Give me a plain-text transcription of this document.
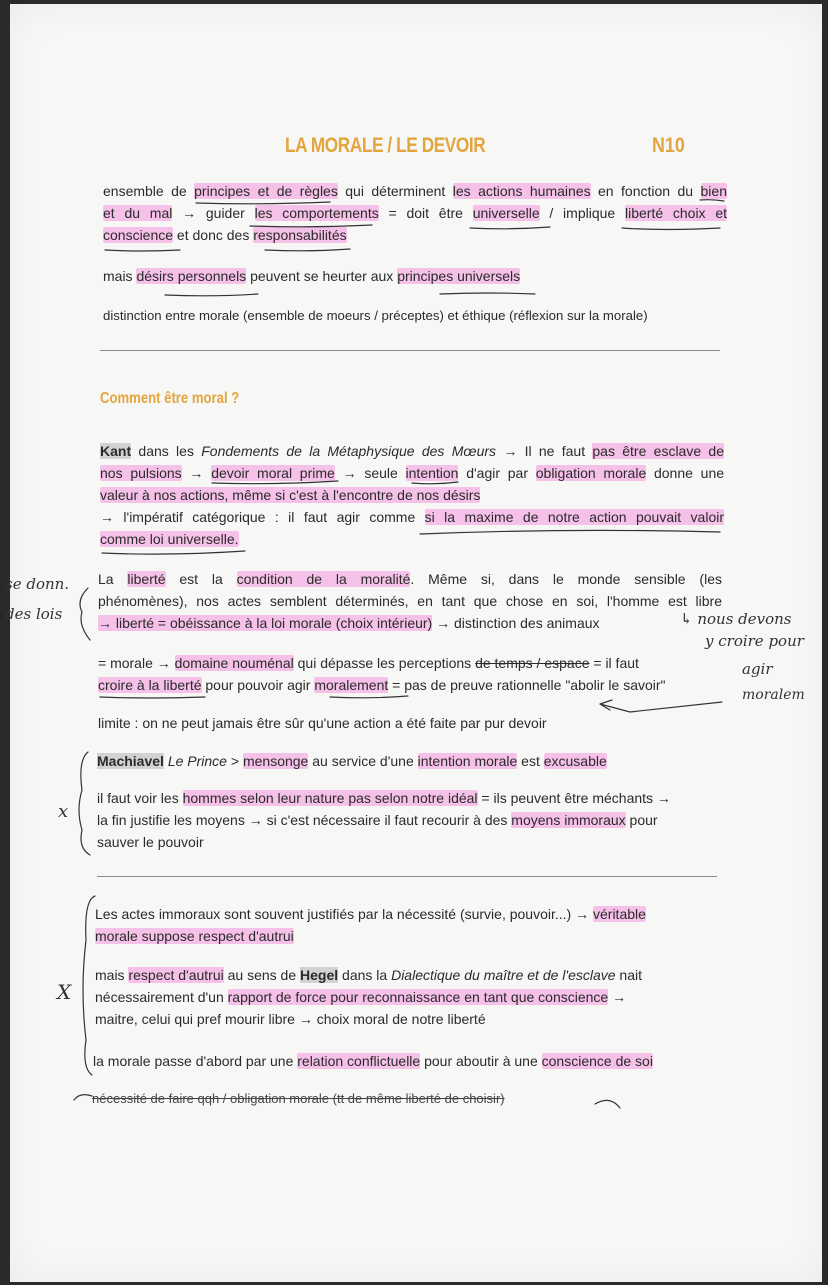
LA MORALE / LE DEVOIR	N10
ensemble de principes et de règles qui déterminent les actions humaines en fonction du bien
et du mal → guider les comportements = doit être universelle / implique liberté choix et
conscience et donc des responsabilités
mais désirs personnels peuvent se heurter aux principes universels
distinction entre morale (ensemble de moeurs / préceptes) et éthique (réflexion sur la morale)
Comment être moral ?
Kant dans les Fondements de la Métaphysique des Mœurs → Il ne faut pas être esclave de
nos pulsions → devoir moral prime → seule intention d'agir par obligation morale donne une
valeur à nos actions, même si c'est à l'encontre de nos désirs
→ l'impératif catégorique : il faut agir comme si la maxime de notre action pouvait valoir
comme loi universelle.
La liberté est la condition de la moralité. Même si, dans le monde sensible (les
phénomènes), nos actes semblent déterminés, en tant que chose en soi, l'homme est libre
→ liberté = obéissance à la loi morale (choix intérieur) → distinction des animaux
= morale → domaine nouménal qui dépasse les perceptions de temps / espace = il faut
croire à la liberté pour pouvoir agir moralement = pas de preuve rationnelle "abolir le savoir"
limite : on ne peut jamais être sûr qu'une action a été faite par pur devoir
Machiavel Le Prince > mensonge au service d'une intention morale est excusable
il faut voir les hommes selon leur nature pas selon notre idéal = ils peuvent être méchants →
la fin justifie les moyens → si c'est nécessaire il faut recourir à des moyens immoraux pour
sauver le pouvoir
Les actes immoraux sont souvent justifiés par la nécessité (survie, pouvoir...) → véritable
morale suppose respect d'autrui
mais respect d'autrui au sens de Hegel dans la Dialectique du maître et de l'esclave nait
nécessairement d'un rapport de force pour reconnaissance en tant que conscience →
maitre, celui qui pref mourir libre → choix moral de notre liberté
la morale passe d'abord par une relation conflictuelle pour aboutir à une conscience de soi
nécessité de faire qqh / obligation morale (tt de même liberté de choisir)
se donn.
des lois	↳ nous devons
y croire pour
agir
moralem
x
X
